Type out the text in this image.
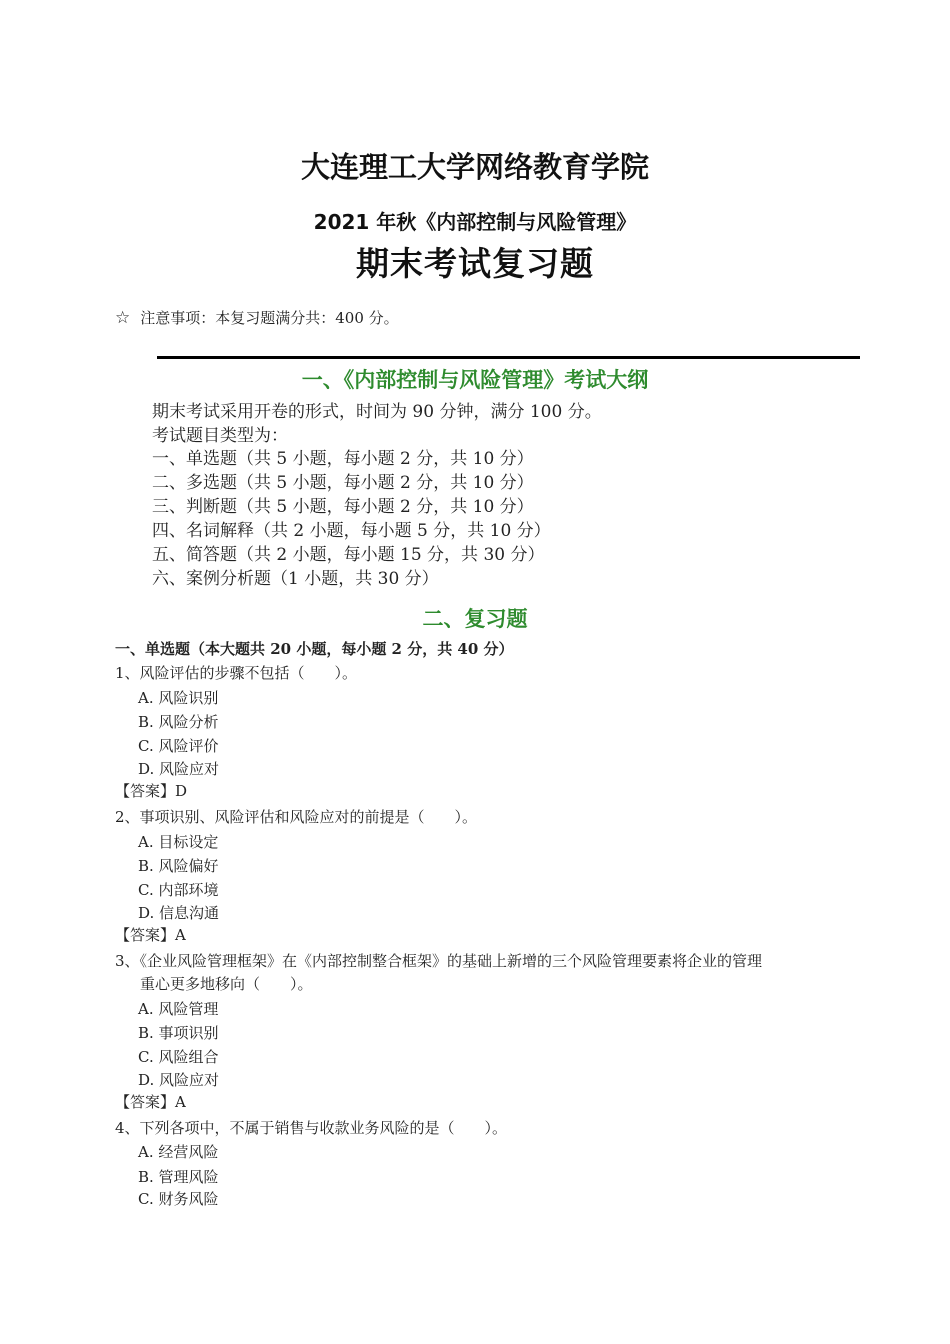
大连理工大学网络教育学院
2021 年秋《内部控制与风险管理》
期末考试复习题
☆ 注意事项：本复习题满分共：400 分。
一、《内部控制与风险管理》考试大纲
期末考试采用开卷的形式，时间为 90 分钟，满分 100 分。
考试题目类型为：
一、单选题（共 5 小题，每小题 2 分，共 10 分）
二、多选题（共 5 小题，每小题 2 分，共 10 分）
三、判断题（共 5 小题，每小题 2 分，共 10 分）
四、名词解释（共 2 小题，每小题 5 分，共 10 分）
五、简答题（共 2 小题，每小题 15 分，共 30 分）
六、案例分析题（1 小题，共 30 分）
二、复习题
一、单选题（本大题共 20 小题，每小题 2 分，共 40 分）
1、风险评估的步骤不包括（　　）。
A. 风险识别
B. 风险分析
C. 风险评价
D. 风险应对
【答案】D
2、事项识别、风险评估和风险应对的前提是（　　）。
A. 目标设定
B. 风险偏好
C. 内部环境
D. 信息沟通
【答案】A
3、《企业风险管理框架》在《内部控制整合框架》的基础上新增的三个风险管理要素将企业的管理
重心更多地移向（　　）。
A. 风险管理
B. 事项识别
C. 风险组合
D. 风险应对
【答案】A
4、下列各项中，不属于销售与收款业务风险的是（　　）。
A. 经营风险
B. 管理风险
C. 财务风险
